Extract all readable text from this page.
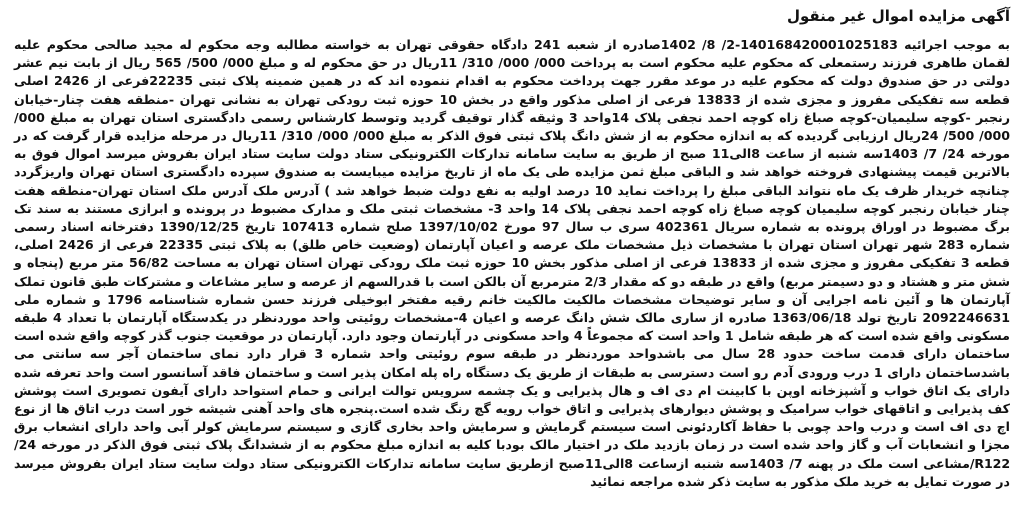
آگهی مزایده اموال غیر منقول

به موجب اجرائیه 140168420001025183-2/ 8/ 1402صادره از شعبه 241 دادگاه حقوقی تهران به خواسته مطالبه وجه محکوم له مجید صالحی محکوم علیه لقمان طاهری فرزند رستمعلی که محکوم علیه محکوم است به پرداخت 000/ 000/ 310/ 11ریال در حق محکوم له و مبلغ 000/ 500/ 565 ریال از بابت نیم عشر دولتی در حق صندوق دولت که محکوم علیه در موعد مقرر جهت پرداخت محکوم به اقدام ننموده اند که در همین ضمینه پلاک ثبتی 22235فرعی از 2426 اصلی قطعه سه تفکیکی مفروز و مجزی شده از 13833 فرعی از اصلی مذکور واقع در بخش 10 حوزه ثبت رودکی تهران به نشانی تهران -منطقه هفت چنار-خیابان رنجبر -کوچه سلیمیان-کوچه صباغ زاه کوچه احمد نجفی پلاک 14واحد 3 وثیقه گذار توقیف گردید وتوسط کارشناس رسمی دادگستری استان تهران به مبلغ 000/ 000/ 500/ 24ریال ارزیابی گردیده که به اندازه محکوم به از شش دانگ پلاک ثبتی فوق الذکر به مبلغ 000/ 000/ 310/ 11ریال در مرحله مزایده قرار گرفت که در مورخه 24/ 7/ 1403سه شنبه از ساعت 8الی11 صبح از طریق به سایت سامانه تدارکات الکترونیکی ستاد دولت سایت ستاد ایران بفروش میرسد اموال فوق به بالاترین قیمت پیشنهادی فروخته خواهد شد و الباقی مبلغ ثمن مزایده طی یک ماه از تاریخ مزایده میبایست به صندوق سپرده دادگستری استان تهران واریزگردد چنانچه خریدار ظرف یک ماه نتواند الباقی مبلغ را پرداخت نماید 10 درصد اولیه به نفع دولت ضبط خواهد شد ) آدرس ملک آدرس ملک استان تهران-منطقه هفت چنار خیابان رنجبر کوچه سلیمیان کوچه صباغ زاه کوچه احمد نجفی پلاک 14 واحد 3- مشخصات ثبتی ملک و مدارک مضبوط در پرونده و ابرازی مستند به سند تک برگ مضبوط در اوراق پرونده به شماره سریال 402361 سری ب سال 97 مورخ 1397/10/02 صلح شماره 107413 تاریخ 1390/12/25 دفترخانه اسناد رسمی شماره 283 شهر تهران استان تهران با مشخصات ذیل مشخصات ملک عرصه و اعیان آپارتمان (وضعیت خاص طلق) به پلاک ثبتی 22335 فرعی از 2426 اصلی، قطعه 3 تفکیکی مفروز و مجزی شده از 13833 فرعی از اصلی مذکور بخش 10 حوزه ثبت ملک رودکی تهران استان تهران به مساحت 56/82 متر مربع (پنجاه و شش متر و هشتاد و دو دسیمتر مربع) واقع در طبقه دو که مقدار 2/3 مترمربع آن بالکن است با قدرالسهم از عرصه و سایر مشاعات و مشترکات طبق قانون تملک آپارتمان ها و آئین نامه اجرایی آن و سایر توضیحات مشخصات مالکیت مالکیت خانم رقیه مفتخر ابوخیلی فرزند حسن شماره شناسنامه 1796 و شماره ملی 2092246631 تاریخ تولد 1363/06/18 صادره از ساری مالک شش دانگ عرصه و اعیان 4-مشخصات روئیتی واحد موردنظر در یکدستگاه آپارتمان با تعداد 4 طبقه مسکونی واقع شده است که هر طبقه شامل 1 واحد است که مجموعاً 4 واحد مسکونی در آپارتمان وجود دارد. آپارتمان در موقعیت جنوب گذر کوچه واقع شده است ساختمان دارای قدمت ساخت حدود 28 سال می باشدواحد موردنظر در طبقه سوم روئیتی واحد شماره 3 قرار دارد نمای ساختمان آجر سه سانتی می باشدساختمان دارای 1 درب ورودی آدم رو است دسترسی به طبقات از طریق یک دستگاه راه پله امکان پذیر است و ساختمان فاقد آسانسور است واحد تعرفه شده دارای یک اتاق خواب و آشپزخانه اوپن با کابینت ام دی اف و هال پذیرایی و یک چشمه سرویس توالت ایرانی و حمام استواحد دارای آیفون تصویری است پوشش کف پذیرایی و اتاقهای خواب سرامیک و پوشش دیوارهای پذیرایی و اتاق خواب رویه گچ رنگ شده است.پنجره های واحد آهنی شیشه خور است درب اتاق ها از نوع اچ دی اف است و درب واحد چوبی با حفاظ آکاردئونی است سیستم گرمایش و سرمایش واحد بخاری گازی و سیستم سرمایش کولر آبی واحد دارای انشعاب برق مجزا و انشعابات آب و گاز واحد شده است در زمان بازدید ملک در اختیار مالک بودبا کلیه به اندازه مبلغ محکوم به از ششدانگ پلاک ثبتی فوق الذکر در مورخه 24/ R122/مشاعی است ملک در پهنه 7/ 1403سه شنبه ازساعت 8الی11صبح ازطریق سایت سامانه تدارکات الکترونیکی ستاد دولت سایت ستاد ایران بفروش میرسد در صورت تمایل به خرید ملک مذکور به سایت ذکر شده مراجعه نمائید
